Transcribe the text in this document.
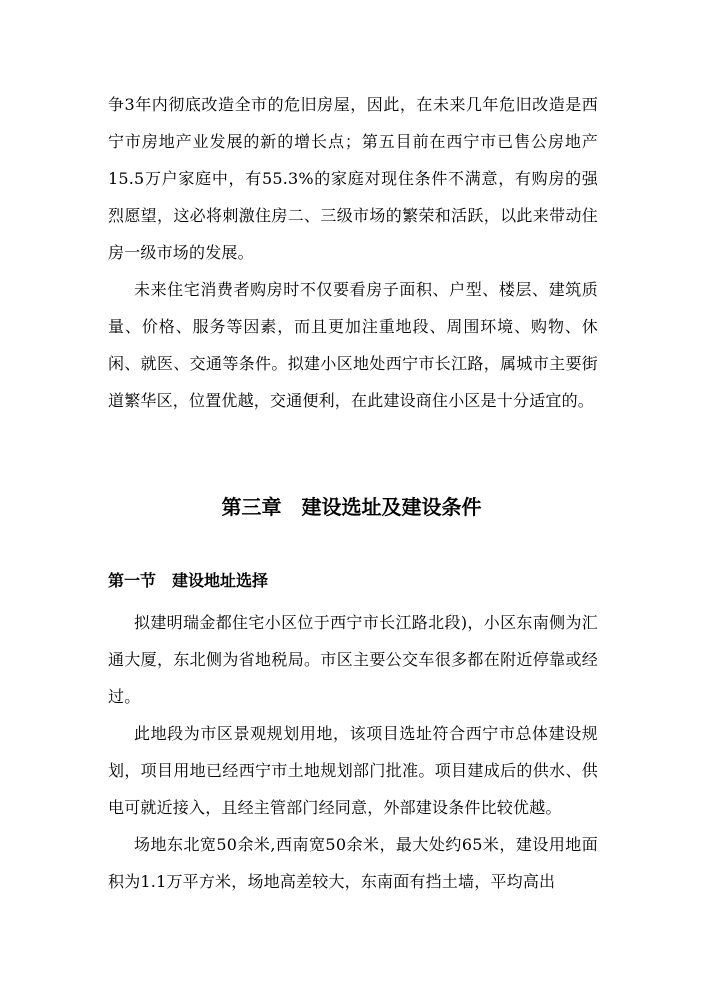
争3年内彻底改造全市的危旧房屋，因此，在未来几年危旧改造是西宁市房地产业发展的新的增长点；第五目前在西宁市已售公房地产15.5万户家庭中，有55.3%的家庭对现住条件不满意，有购房的强烈愿望，这必将刺激住房二、三级市场的繁荣和活跃，以此来带动住房一级市场的发展。

未来住宅消费者购房时不仅要看房子面积、户型、楼层、建筑质量、价格、服务等因素，而且更加注重地段、周围环境、购物、休闲、就医、交通等条件。拟建小区地处西宁市长江路，属城市主要街道繁华区，位置优越，交通便利，在此建设商住小区是十分适宜的。

第三章　建设选址及建设条件
第一节　建设地址选择

拟建明瑞金都住宅小区位于西宁市长江路北段)，小区东南侧为汇通大厦，东北侧为省地税局。市区主要公交车很多都在附近停靠或经过。

此地段为市区景观规划用地，该项目选址符合西宁市总体建设规划，项目用地已经西宁市土地规划部门批准。项目建成后的供水、供电可就近接入，且经主管部门经同意，外部建设条件比较优越。

场地东北宽50余米,西南宽50余米，最大处约65米，建设用地面积为1.1万平方米，场地高差较大，东南面有挡土墙，平均高出
